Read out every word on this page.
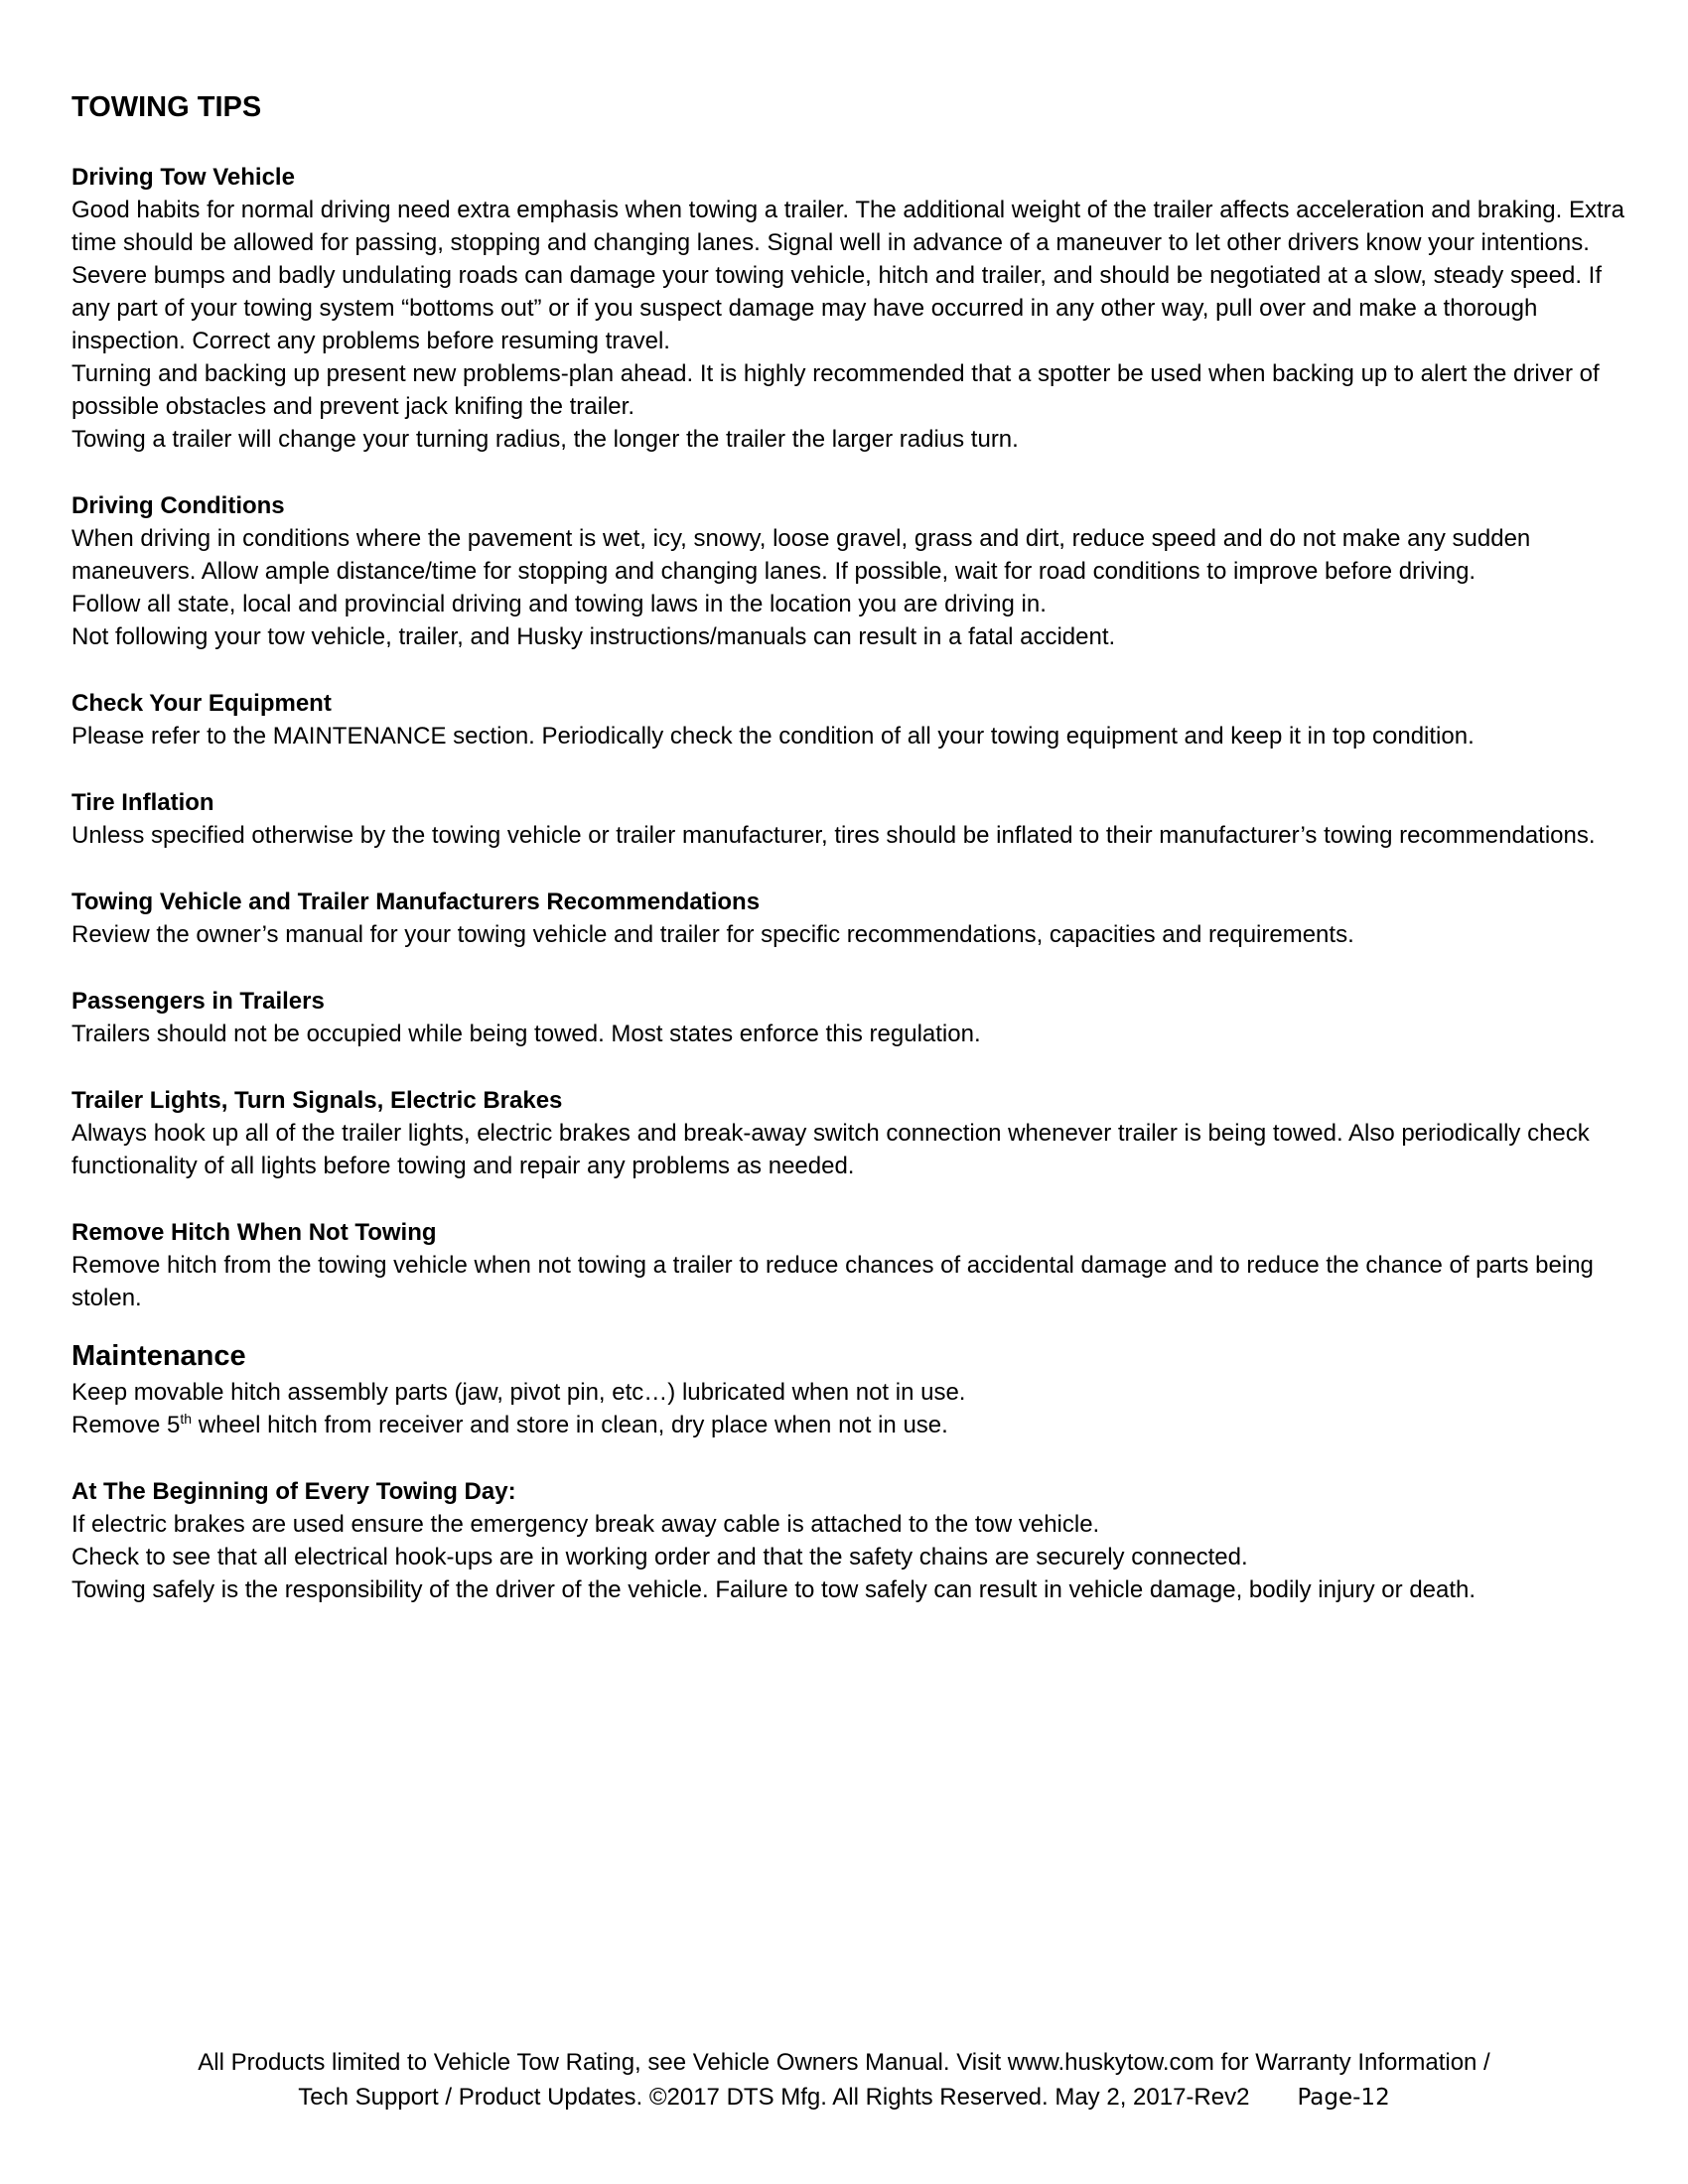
TOWING TIPS

Driving Tow Vehicle

Good habits for normal driving need extra emphasis when towing a trailer. The additional weight of the trailer affects acceleration and braking. Extra time should be allowed for passing, stopping and changing lanes. Signal well in advance of a maneuver to let other drivers know your intentions. Severe bumps and badly undulating roads can damage your towing vehicle, hitch and trailer, and should be negotiated at a slow, steady speed. If any part of your towing system “bottoms out” or if you suspect damage may have occurred in any other way, pull over and make a thorough inspection. Correct any problems before resuming travel.

Turning and backing up present new problems-plan ahead. It is highly recommended that a spotter be used when backing up to alert the driver of possible obstacles and prevent jack knifing the trailer.

Towing a trailer will change your turning radius, the longer the trailer the larger radius turn.

Driving Conditions

When driving in conditions where the pavement is wet, icy, snowy, loose gravel, grass and dirt, reduce speed and do not make any sudden maneuvers. Allow ample distance/time for stopping and changing lanes. If possible, wait for road conditions to improve before driving.

Follow all state, local and provincial driving and towing laws in the location you are driving in.

Not following your tow vehicle, trailer, and Husky instructions/manuals can result in a fatal accident.

Check Your Equipment

Please refer to the MAINTENANCE section. Periodically check the condition of all your towing equipment and keep it in top condition.

Tire Inflation

Unless specified otherwise by the towing vehicle or trailer manufacturer, tires should be inflated to their manufacturer’s towing recommendations.

Towing Vehicle and Trailer Manufacturers Recommendations

Review the owner’s manual for your towing vehicle and trailer for specific recommendations, capacities and requirements.

Passengers in Trailers

Trailers should not be occupied while being towed. Most states enforce this regulation.

Trailer Lights, Turn Signals, Electric Brakes

Always hook up all of the trailer lights, electric brakes and break-away switch connection whenever trailer is being towed. Also periodically check functionality of all lights before towing and repair any problems as needed.

Remove Hitch When Not Towing

Remove hitch from the towing vehicle when not towing a trailer to reduce chances of accidental damage and to reduce the chance of parts being stolen.

Maintenance

Keep movable hitch assembly parts (jaw, pivot pin, etc…) lubricated when not in use.

Remove 5th wheel hitch from receiver and store in clean, dry place when not in use.

At The Beginning of Every Towing Day:

If electric brakes are used ensure the emergency break away cable is attached to the tow vehicle.

Check to see that all electrical hook-ups are in working order and that the safety chains are securely connected.

Towing safely is the responsibility of the driver of the vehicle. Failure to tow safely can result in vehicle damage, bodily injury or death.

All Products limited to Vehicle Tow Rating, see Vehicle Owners Manual. Visit www.huskytow.com for Warranty Information /
Tech Support / Product Updates. ©2017 DTS Mfg. All Rights Reserved. May 2, 2017-Rev2 Page-12
